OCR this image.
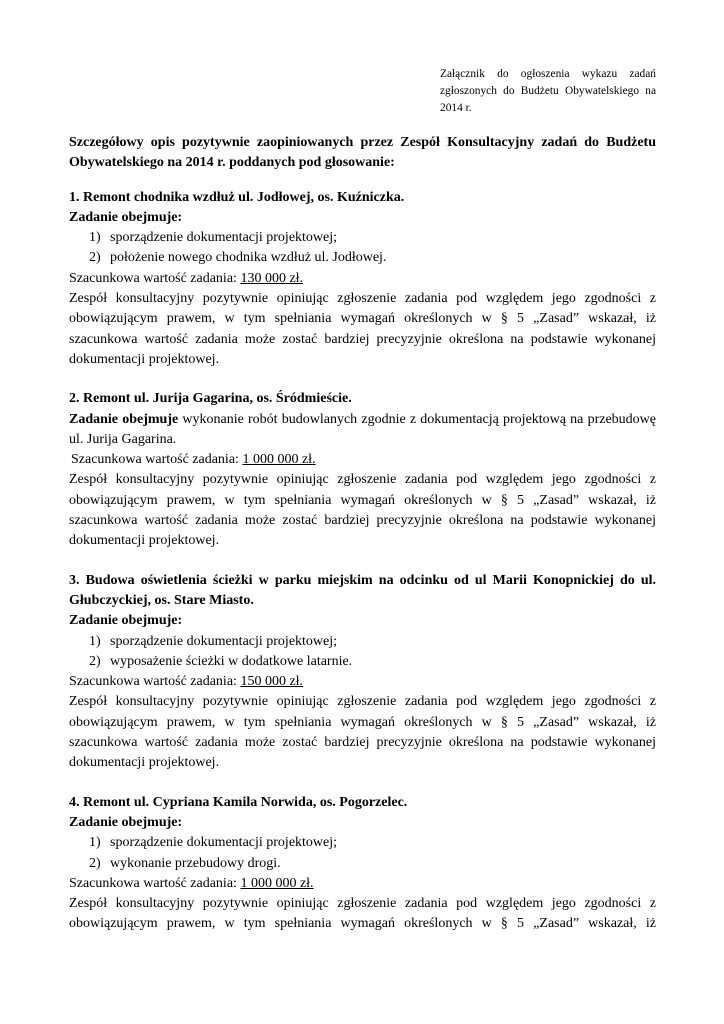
Załącznik do ogłoszenia wykazu zadań zgłoszonych do Budżetu Obywatelskiego na 2014 r.
Szczegółowy opis pozytywnie zaopiniowanych przez Zespół Konsultacyjny zadań do Budżetu Obywatelskiego na 2014 r. poddanych pod głosowanie:
1. Remont chodnika wzdłuż ul. Jodłowej, os. Kuźniczka.
Zadanie obejmuje:
1) sporządzenie dokumentacji projektowej;
2) położenie nowego chodnika wzdłuż ul. Jodłowej.
Szacunkowa wartość zadania: 130 000 zł.
Zespół konsultacyjny pozytywnie opiniując zgłoszenie zadania pod względem jego zgodności z obowiązującym prawem, w tym spełniania wymagań określonych w § 5 „Zasad” wskazał, iż szacunkowa wartość zadania może zostać bardziej precyzyjnie określona na podstawie wykonanej dokumentacji projektowej.
2. Remont ul. Jurija Gagarina, os. Śródmieście.
Zadanie obejmuje wykonanie robót budowlanych zgodnie z dokumentacją projektową na przebudowę ul. Jurija Gagarina.
Szacunkowa wartość zadania: 1 000 000 zł.
Zespół konsultacyjny pozytywnie opiniując zgłoszenie zadania pod względem jego zgodności z obowiązującym prawem, w tym spełniania wymagań określonych w § 5 „Zasad” wskazał, iż szacunkowa wartość zadania może zostać bardziej precyzyjnie określona na podstawie wykonanej dokumentacji projektowej.
3. Budowa oświetlenia ścieżki w parku miejskim na odcinku od ul Marii Konopnickiej do ul. Głubczyckiej, os. Stare Miasto.
Zadanie obejmuje:
1) sporządzenie dokumentacji projektowej;
2) wyposażenie ścieżki w dodatkowe latarnie.
Szacunkowa wartość zadania: 150 000 zł.
Zespół konsultacyjny pozytywnie opiniując zgłoszenie zadania pod względem jego zgodności z obowiązującym prawem, w tym spełniania wymagań określonych w § 5 „Zasad” wskazał, iż szacunkowa wartość zadania może zostać bardziej precyzyjnie określona na podstawie wykonanej dokumentacji projektowej.
4. Remont ul. Cypriana Kamila Norwida, os. Pogorzelec.
Zadanie obejmuje:
1) sporządzenie dokumentacji projektowej;
2) wykonanie przebudowy drogi.
Szacunkowa wartość zadania: 1 000 000 zł.
Zespół konsultacyjny pozytywnie opiniując zgłoszenie zadania pod względem jego zgodności z obowiązującym prawem, w tym spełniania wymagań określonych w § 5 „Zasad” wskazał, iż
